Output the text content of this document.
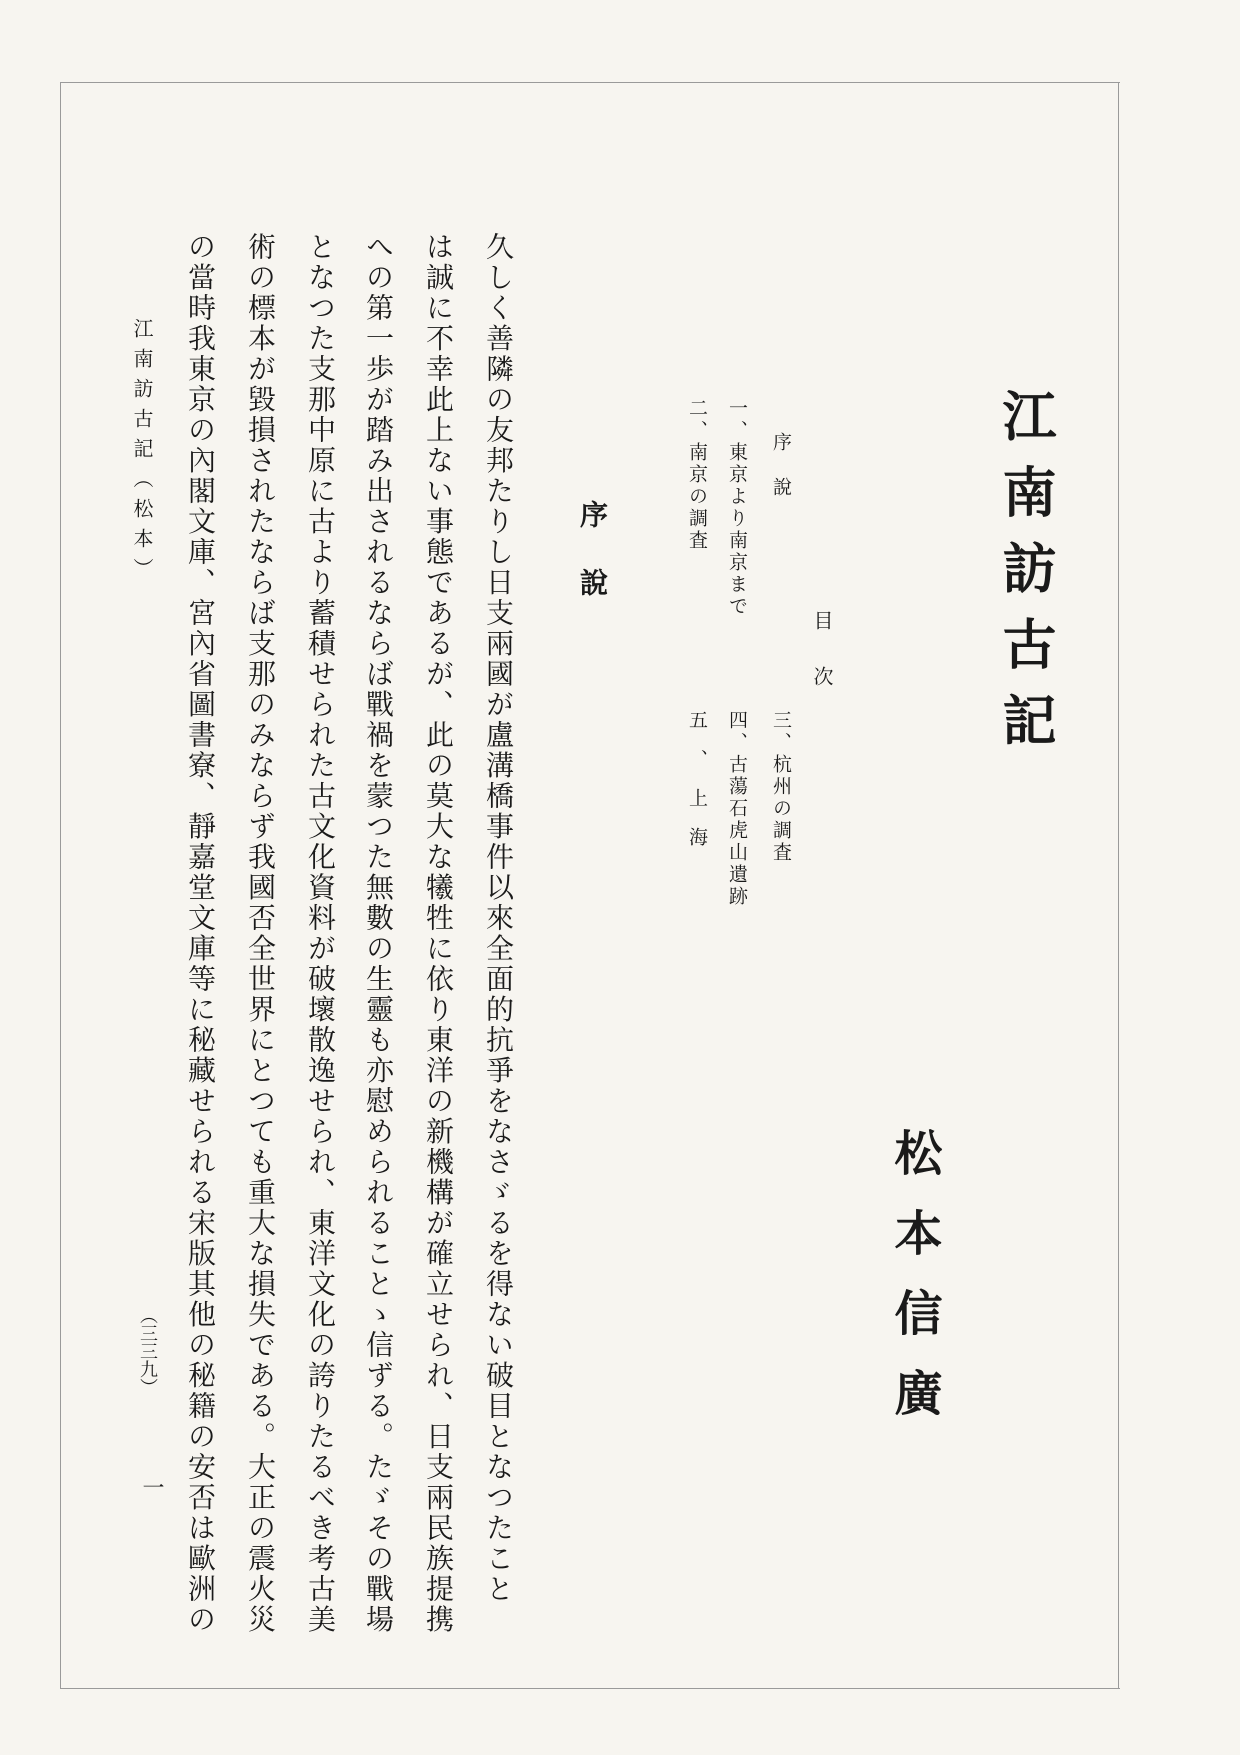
江南訪古記
松本信廣
目次
序說
一、東京より南京まで
二、南京の調査
三、杭州の調査
四、古蕩石虎山遺跡
五、上海
序說
久しく善隣の友邦たりし日支兩國が盧溝橋事件以來全面的抗爭をなさゞるを得ない破目となつたこと
は誠に不幸此上ない事態であるが、此の莫大な犧牲に依り東洋の新機構が確立せられ、日支兩民族提携
への第一歩が踏み出されるならば戰禍を蒙つた無數の生靈も亦慰められることゝ信ずる。たゞその戰場
となつた支那中原に古より蓄積せられた古文化資料が破壞散逸せられ、東洋文化の誇りたるべき考古美
術の標本が毀損されたならば支那のみならず我國否全世界にとつても重大な損失である。大正の震火災
の當時我東京の內閣文庫、宮內省圖書寮、靜嘉堂文庫等に秘藏せられる宋版其他の秘籍の安否は歐洲の
江南訪古記（松本）
（三三九）
一
